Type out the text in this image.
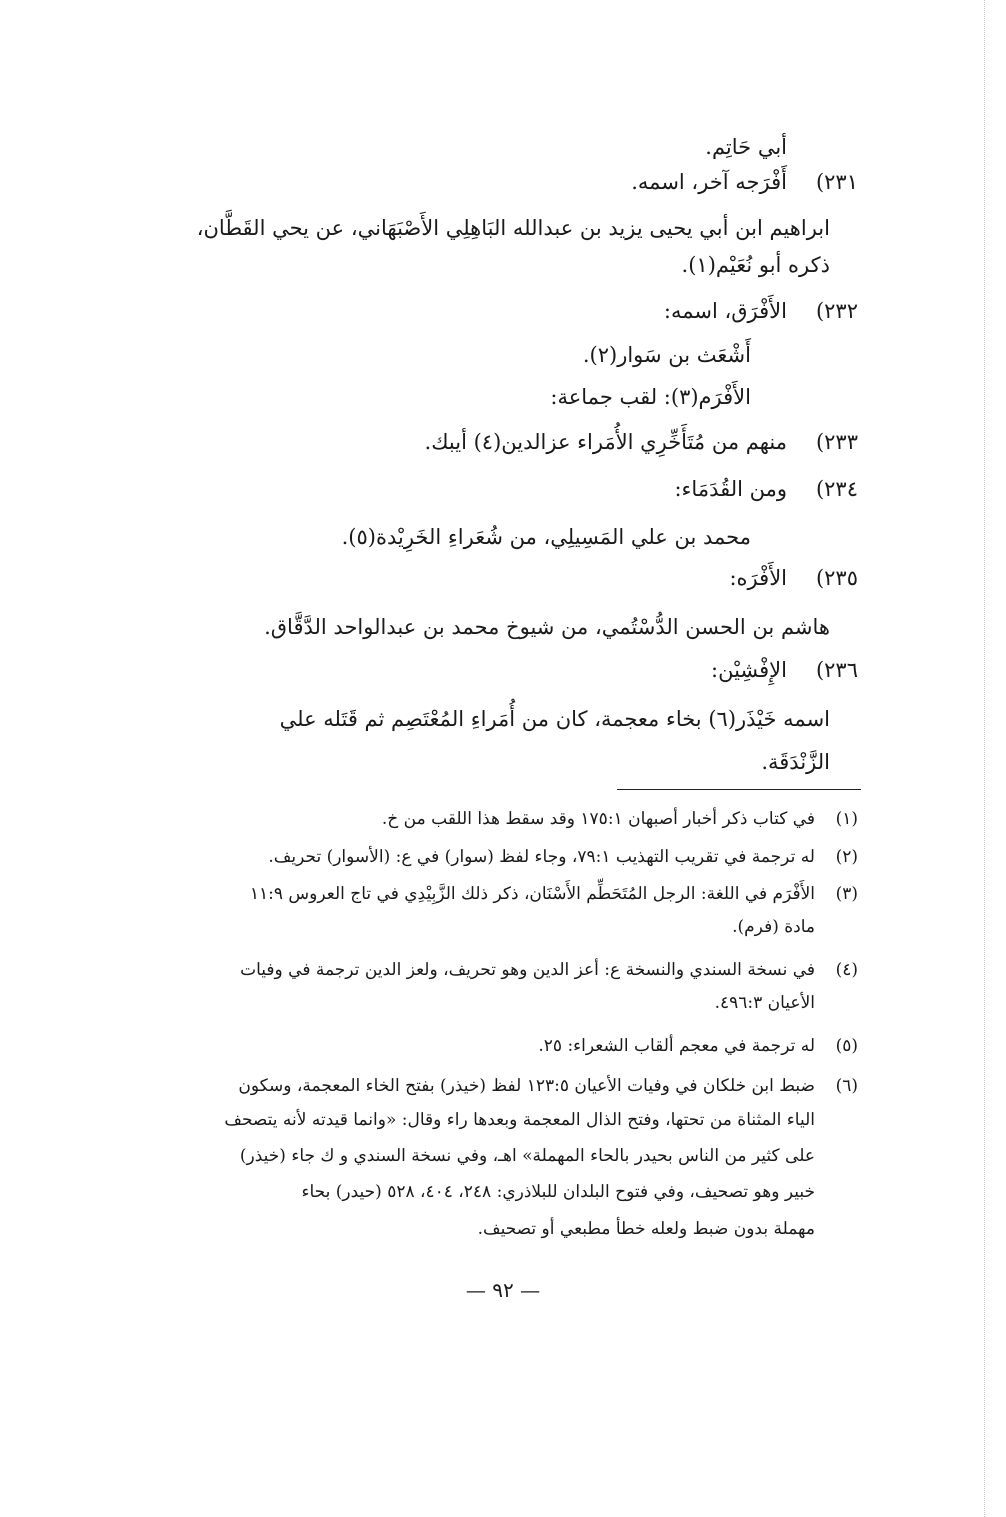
أبي حَاتِم.
٢٣١)
أَفْرَجه آخر، اسمه.
ابراهيم ابن أبي يحيى يزيد بن عبدالله البَاهِلِي الأَصْبَهَاني، عن يحي القَطَّان،
ذكره أبو نُعَيْم(١).
٢٣٢)
الأَفْرَق، اسمه:
أَشْعَث بن سَوار(٢).
الأَفْرَم(٣): لقب جماعة:
٢٣٣)
منهم من مُتَأَخِّرِي الأُمَراء عزالدين(٤) أيبك.
٢٣٤)
ومن القُدَمَاء:
محمد بن علي المَسِيلِي، من شُعَراءِ الخَرِيْدة(٥).
٢٣٥)
الأَفْرَه:
هاشم بن الحسن الدُّسْتُمي، من شيوخ محمد بن عبدالواحد الدَّقَّاق.
٢٣٦)
الإِفْشِيْن:
اسمه خَيْذَر(٦) بخاء معجمة، كان من أُمَراءِ المُعْتَصِم ثم قَتَله علي
الزَّنْدَقَة.
(١)
في كتاب ذكر أخبار أصبهان ١٧٥:١ وقد سقط هذا اللقب من خ.
(٢)
له ترجمة في تقريب التهذيب ٧٩:١، وجاء لفظ (سوار) في ع: (الأسوار) تحريف.
(٣)
الأَفْرَم في اللغة: الرجل المُتَحَطِّم الأَسْنَان، ذكر ذلك الزَّبِيْدِي في تاج العروس ١١:٩
مادة (فرم).
(٤)
في نسخة السندي والنسخة ع: أعز الدين وهو تحريف، ولعز الدين ترجمة في وفيات
الأعيان ٤٩٦:٣.
(٥)
له ترجمة في معجم ألقاب الشعراء: ٢٥.
(٦)
ضبط ابن خلكان في وفيات الأعيان ١٢٣:٥ لفظ (خيذر) بفتح الخاء المعجمة، وسكون
الياء المثناة من تحتها، وفتح الذال المعجمة وبعدها راء وقال: «وانما قيدته لأنه يتصحف
على كثير من الناس بحيدر بالحاء المهملة» اهـ، وفي نسخة السندي و ك جاء (خيذر)
خبير وهو تصحيف، وفي فتوح البلدان للبلاذري: ٢٤٨، ٤٠٤، ٥٢٨ (حيدر) بحاء
مهملة بدون ضبط ولعله خطأ مطبعي أو تصحيف.
— ٩٢ —
